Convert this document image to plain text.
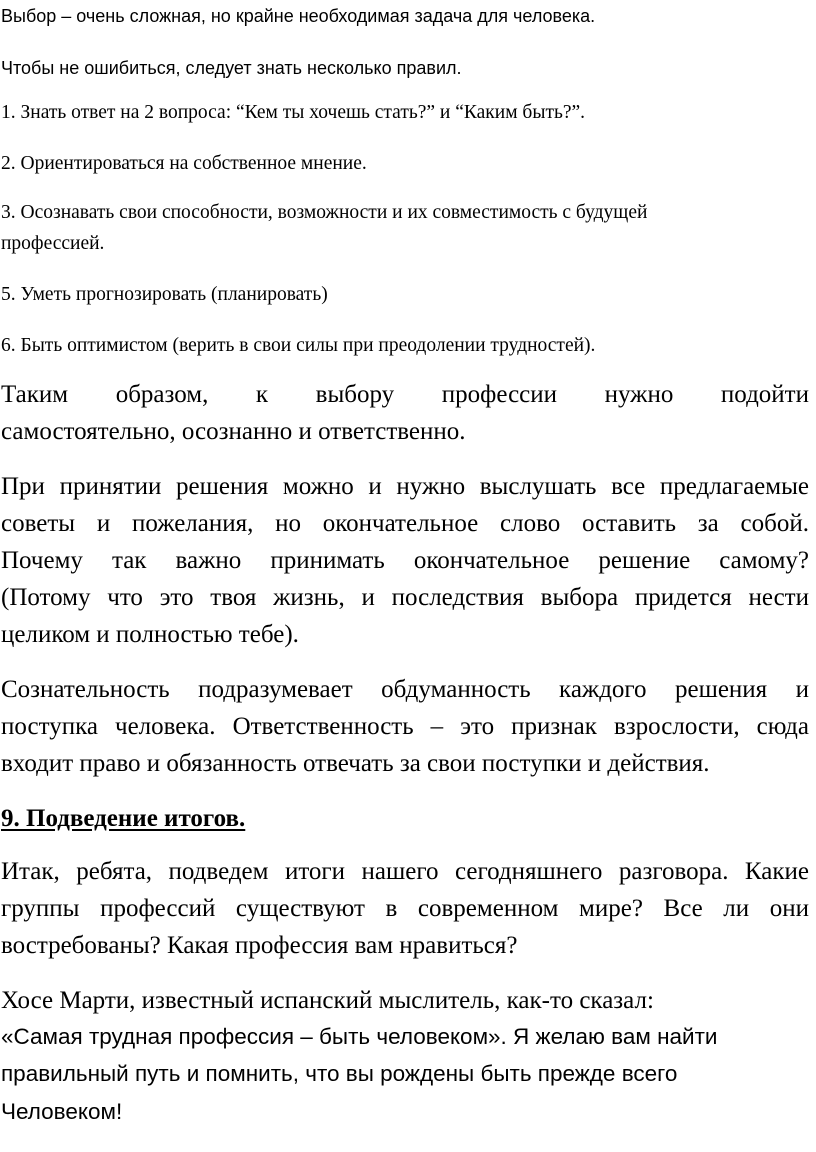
Выбор – очень сложная, но крайне необходимая задача для человека.

Чтобы не ошибиться, следует знать несколько правил.

1. Знать ответ на 2 вопроса: “Кем ты хочешь стать?” и “Каким быть?”.

2. Ориентироваться на собственное мнение.

3. Осознавать свои способности, возможности и их совместимость с будущей

профессией.

5. Уметь прогнозировать (планировать)

6. Быть оптимистом (верить в свои силы при преодолении трудностей).

Таким образом, к выбору профессии нужно подойти

самостоятельно, осознанно и ответственно.

При принятии решения можно и нужно выслушать все предлагаемые

советы и пожелания, но окончательное слово оставить за собой.

Почему так важно принимать окончательное решение самому?

(Потому что это твоя жизнь, и последствия выбора придется нести

целиком и полностью тебе).

Сознательность подразумевает обдуманность каждого решения и

поступка человека. Ответственность – это признак взрослости, сюда

входит право и обязанность отвечать за свои поступки и действия.

9. Подведение итогов.

Итак, ребята, подведем итоги нашего сегодняшнего разговора. Какие

группы профессий существуют в современном мире? Все ли они

востребованы? Какая профессия вам нравиться?

Хосе Марти, известный испанский мыслитель, как-то сказал:

«Самая трудная профессия – быть человеком». Я желаю вам найти

правильный путь и помнить, что вы рождены быть прежде всего

Человеком!
